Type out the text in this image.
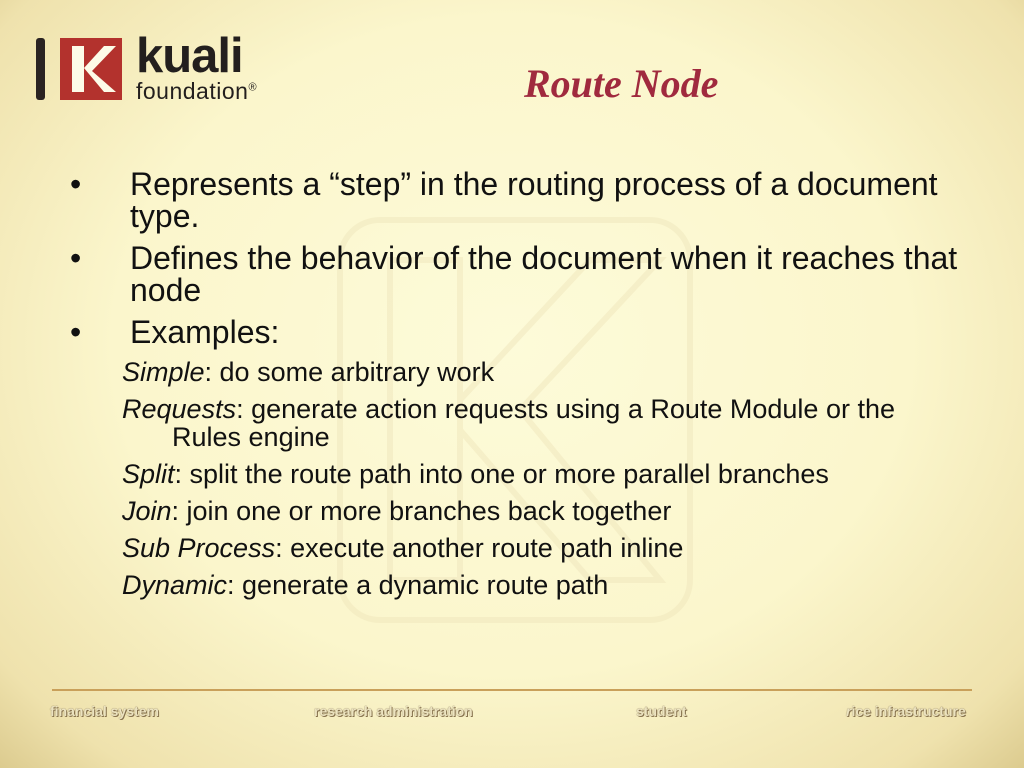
kuali
foundation®	Route Node
• Represents a “step” in the routing process of a document type.
• Defines the behavior of the document when it reaches that node
• Examples:
Simple: do some arbitrary work
Requests: generate action requests using a Route Module or the Rules engine
Split: split the route path into one or more parallel branches
Join: join one or more branches back together
Sub Process: execute another route path inline
Dynamic: generate a dynamic route path
financial system	research administration	student	rice infrastructure
